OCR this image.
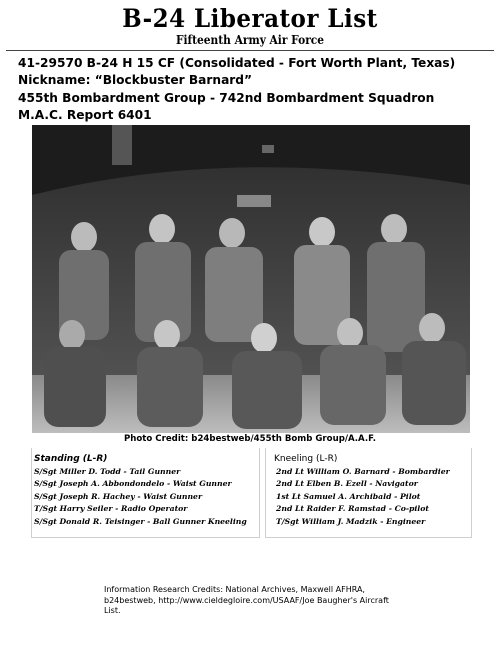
B-24 Liberator List
Fifteenth Army Air Force
41-29570 B-24 H 15 CF (Consolidated - Fort Worth Plant, Texas)
Nickname: “Blockbuster Barnard”
455th Bombardment Group - 742nd Bombardment Squadron
M.A.C. Report 6401
Photo Credit: b24bestweb/455th Bomb Group/A.A.F.
Standing (L-R)
S/Sgt Miller D. Todd - Tail Gunner
S/Sgt Joseph A. Abbondondelo - Waist Gunner
S/Sgt Joseph R. Hachey - Waist Gunner
T/Sgt Harry Seiler - Radio Operator
S/Sgt Donald R. Teisinger - Ball Gunner Kneeling
Kneeling (L-R)
2nd Lt William O. Barnard - Bombardier
2nd Lt Elben B. Ezell - Navigator
1st Lt Samuel A. Archibald - Pilot
2nd Lt Raider F. Ramstad - Co-pilot
T/Sgt William J. Madzik - Engineer
Information Research Credits: National Archives, Maxwell AFHRA, b24bestweb, http://www.cieldegloire.com/USAAF/Joe Baugher's Aircraft List.
